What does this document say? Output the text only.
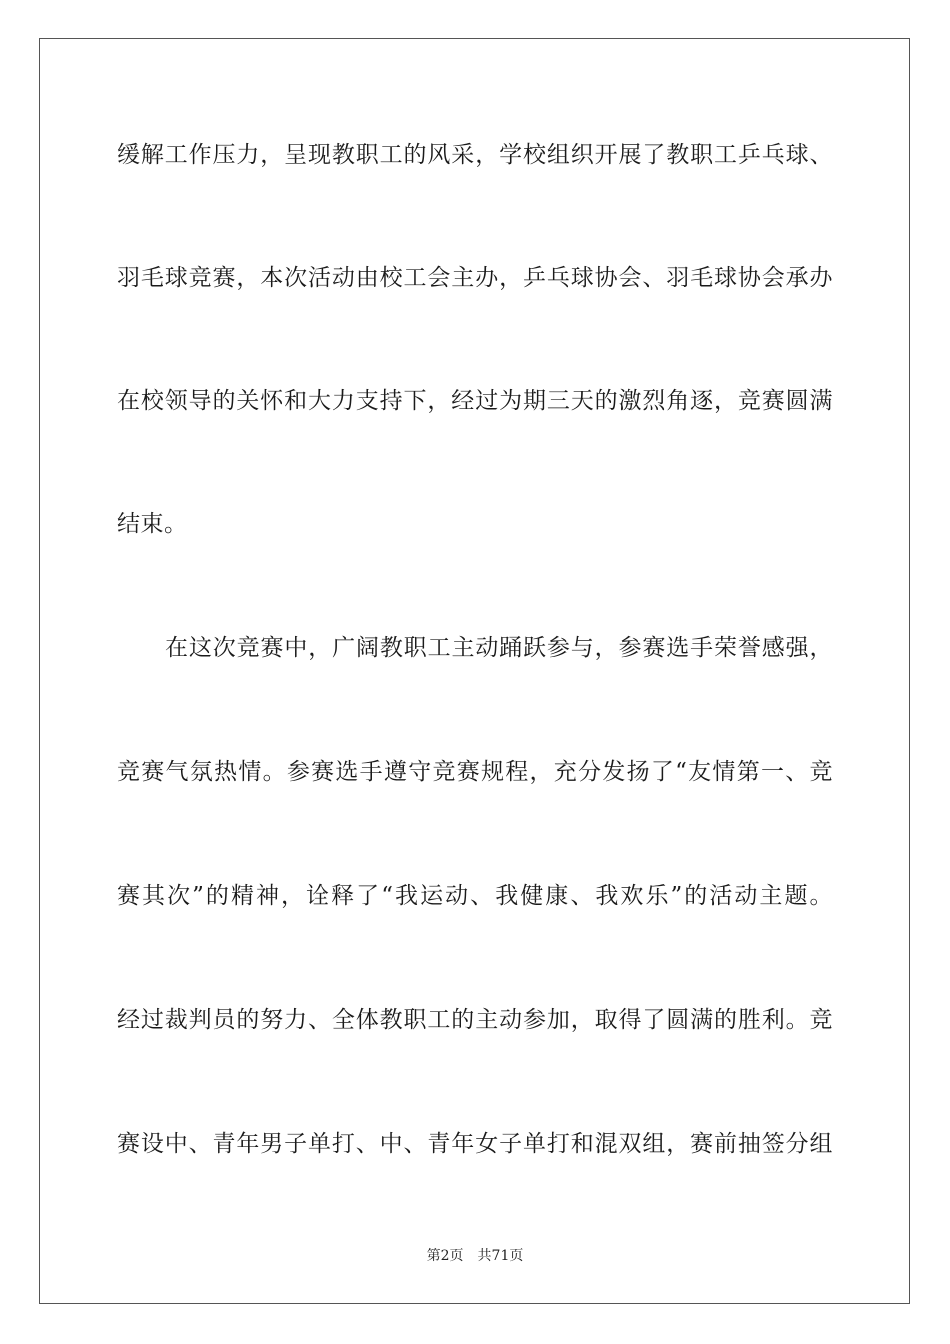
缓解工作压力，呈现教职工的风采，学校组织开展了教职工乒乓球、
羽毛球竞赛，本次活动由校工会主办，乒乓球协会、羽毛球协会承办
在校领导的关怀和大力支持下，经过为期三天的激烈角逐，竞赛圆满
结束。
在这次竞赛中，广阔教职工主动踊跃参与，参赛选手荣誉感强，
竞赛气氛热情。参赛选手遵守竞赛规程，充分发扬了“友情第一、竞
赛其次”的精神，诠释了“我运动、我健康、我欢乐”的活动主题。
经过裁判员的努力、全体教职工的主动参加，取得了圆满的胜利。竞
赛设中、青年男子单打、中、青年女子单打和混双组，赛前抽签分组
第2页 共71页
